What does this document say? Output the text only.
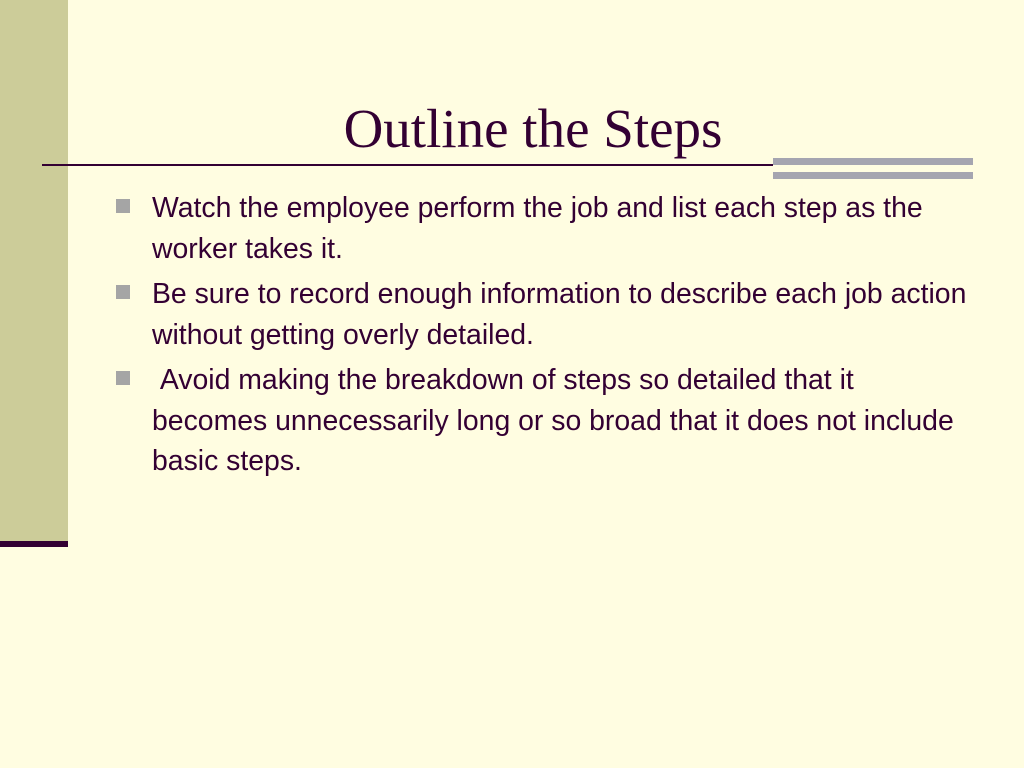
Outline the Steps
Watch the employee perform the job and list each step as the worker takes it.
Be sure to record enough information to describe each job action without getting overly detailed.
Avoid making the breakdown of steps so detailed that it becomes unnecessarily long or so broad that it does not include basic steps.
